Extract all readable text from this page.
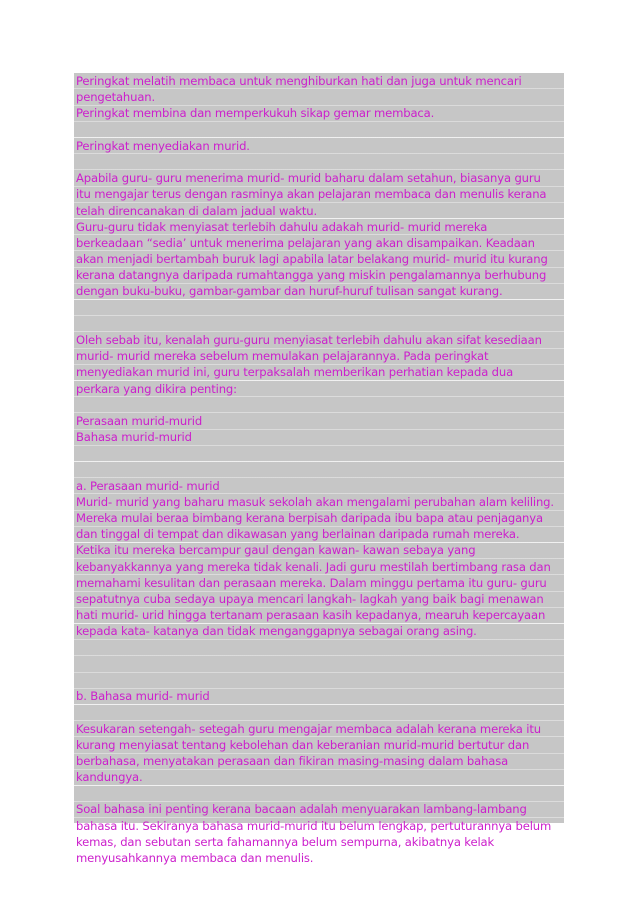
Peringkat melatih membaca untuk menghiburkan hati dan juga untuk mencari
pengetahuan.
Peringkat membina dan memperkukuh sikap gemar membaca.
Peringkat menyediakan murid.
Apabila guru- guru menerima murid- murid baharu dalam setahun, biasanya guru
itu mengajar terus dengan rasminya akan pelajaran membaca dan menulis kerana
telah direncanakan di dalam jadual waktu.
Guru-guru tidak menyiasat terlebih dahulu adakah murid- murid mereka
berkeadaan “sedia’ untuk menerima pelajaran yang akan disampaikan. Keadaan
akan menjadi bertambah buruk lagi apabila latar belakang murid- murid itu kurang
kerana datangnya daripada rumahtangga yang miskin pengalamannya berhubung
dengan buku-buku, gambar-gambar dan huruf-huruf tulisan sangat kurang.
Oleh sebab itu, kenalah guru-guru menyiasat terlebih dahulu akan sifat kesediaan
murid- murid mereka sebelum memulakan pelajarannya. Pada peringkat
menyediakan murid ini, guru terpaksalah memberikan perhatian kepada dua
perkara yang dikira penting:
Perasaan murid-murid
Bahasa murid-murid
a. Perasaan murid- murid
Murid- murid yang baharu masuk sekolah akan mengalami perubahan alam keliling.
Mereka mulai beraa bimbang kerana berpisah daripada ibu bapa atau penjaganya
dan tinggal di tempat dan dikawasan yang berlainan daripada rumah mereka.
Ketika itu mereka bercampur gaul dengan kawan- kawan sebaya yang
kebanyakkannya yang mereka tidak kenali. Jadi guru mestilah bertimbang rasa dan
memahami kesulitan dan perasaan mereka. Dalam minggu pertama itu guru- guru
sepatutnya cuba sedaya upaya mencari langkah- lagkah yang baik bagi menawan
hati murid- urid hingga tertanam perasaan kasih kepadanya, mearuh kepercayaan
kepada kata- katanya dan tidak menganggapnya sebagai orang asing.
b. Bahasa murid- murid
Kesukaran setengah- setegah guru mengajar membaca adalah kerana mereka itu
kurang menyiasat tentang kebolehan dan keberanian murid-murid bertutur dan
berbahasa, menyatakan perasaan dan fikiran masing-masing dalam bahasa
kandungya.
Soal bahasa ini penting kerana bacaan adalah menyuarakan lambang-lambang
bahasa itu. Sekiranya bahasa murid-murid itu belum lengkap, pertuturannya belum
kemas, dan sebutan serta fahamannya belum sempurna, akibatnya kelak
menyusahkannya membaca dan menulis.
